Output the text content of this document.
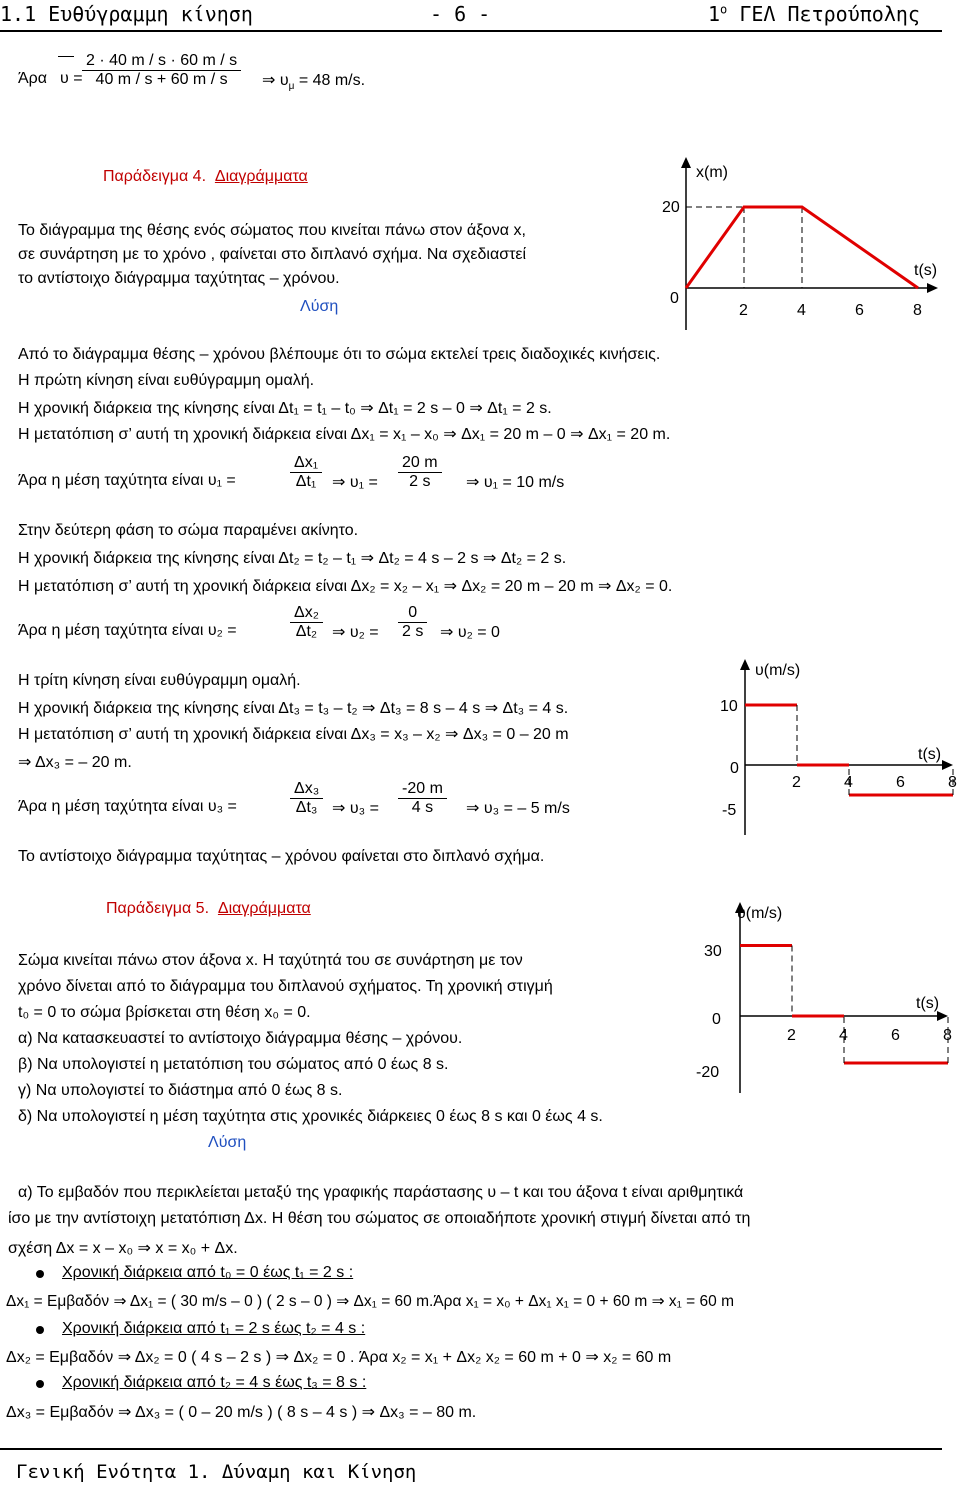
1.1 Ευθύγραμμη κίνηση	- 6 -	$1^o$ ΓΕΛ Πετρούπολης
Άρα $\upsilon = \frac{2 \cdot 40 m / s \cdot 60 m / s}{40 m / s + 60 m / s}$ ⇒ $\upsilon_\mu = 48$ m/s.
Παράδειγμα 4. Διαγράμματα
Το διάγραμμα της θέσης ενός σώματος που κινείται πάνω στον άξονα x,
σε συνάρτηση με το χρόνο , φαίνεται στο διπλανό σχήμα. Να σχεδιαστεί
το αντίστοιχο διάγραμμα ταχύτητας – χρόνου.
Λύση
x(m)
t(s)
20
0
2	4	6	8
Από το διάγραμμα θέσης – χρόνου βλέπουμε ότι το σώμα εκτελεί τρεις διαδοχικές κινήσεις.
Η πρώτη κίνηση είναι ευθύγραμμη ομαλή.
Η χρονική διάρκεια της κίνησης είναι Δt₁ = t₁ – t₀ ⇒ Δt₁ = 2 s – 0 ⇒ Δt₁ = 2 s.
Η μετατόπιση σ’ αυτή τη χρονική διάρκεια είναι Δx₁ = x₁ – x₀ ⇒ Δx₁ = 20 m – 0 ⇒ Δx₁ = 20 m.
Άρα η μέση ταχύτητα είναι υ₁ =	$\frac{\text{Δx₁}}{\text{Δt₁}}$ ⇒ $\upsilon_1 = \frac{20 m}{2 s}$ ⇒ υ₁ = 10 m/s
Στην δεύτερη φάση το σώμα παραμένει ακίνητο.
Η χρονική διάρκεια της κίνησης είναι Δt₂ = t₂ – t₁ ⇒ Δt₂ = 4 s – 2 s ⇒ Δt₂ = 2 s.
Η μετατόπιση σ’ αυτή τη χρονική διάρκεια είναι Δx₂ = x₂ – x₁ ⇒ Δx₂ = 20 m – 20 m ⇒ Δx₂ = 0.
Άρα η μέση ταχύτητα είναι υ₂ =	$\frac{\text{Δx₂}}{\text{Δt₂}}$ ⇒ $\upsilon_2 = \frac{0}{2 s}$ ⇒ υ₂ = 0
Η τρίτη κίνηση είναι ευθύγραμμη ομαλή.
Η χρονική διάρκεια της κίνησης είναι Δt₃ = t₃ – t₂ ⇒ Δt₃ = 8 s – 4 s ⇒ Δt₃ = 4 s.
Η μετατόπιση σ’ αυτή τη χρονική διάρκεια είναι Δx₃ = x₃ – x₂ ⇒ Δx₃ = 0 – 20 m
⇒ Δx₃ = – 20 m.
Άρα η μέση ταχύτητα είναι υ₃ =	$\frac{\text{Δx₃}}{\text{Δt₃}}$ ⇒ $\upsilon_3 = \frac{-20 m}{4 s}$ ⇒ υ₃ = – 5 m/s
Το αντίστοιχο διάγραμμα ταχύτητας – χρόνου φαίνεται στο διπλανό σχήμα.
υ(m/s)
t(s)
10
0
-5
2	4	6	8
Παράδειγμα 5. Διαγράμματα
Σώμα κινείται πάνω στον άξονα x. Η ταχύτητά του σε συνάρτηση με τον
χρόνο δίνεται από το διάγραμμα του διπλανού σχήματος. Τη χρονική στιγμή
t₀ = 0 το σώμα βρίσκεται στη θέση x₀ = 0.
α) Να κατασκευαστεί το αντίστοιχο διάγραμμα θέσης – χρόνου.
β) Να υπολογιστεί η μετατόπιση του σώματος από 0 έως 8 s.
γ) Να υπολογιστεί το διάστημα από 0 έως 8 s.
δ) Να υπολογιστεί η μέση ταχύτητα στις χρονικές διάρκειες 0 έως 8 s και 0 έως 4 s.
Λύση
υ(m/s)
t(s)
30
0
-20
2	4	6	8
α) Το εμβαδόν που περικλείεται μεταξύ της γραφικής παράστασης υ – t και του άξονα t είναι αριθμητικά
ίσο με την αντίστοιχη μετατόπιση Δx. Η θέση του σώματος σε οποιαδήποτε χρονική στιγμή δίνεται από τη
σχέση Δx = x – x₀ ⇒ x = x₀ + Δx.
Χρονική διάρκεια από t₀ = 0 έως t₁ = 2 s :
Δx₁ = Εμβαδόν ⇒ Δx₁ = ( 30 m/s – 0 ) ( 2 s – 0 ) ⇒ Δx₁ = 60 m.Άρα x₁ = x₀ + Δx₁ x₁ = 0 + 60 m ⇒ x₁ = 60 m
Χρονική διάρκεια από t₁ = 2 s έως t₂ = 4 s :
Δx₂ = Εμβαδόν ⇒ Δx₂ = 0 ( 4 s – 2 s ) ⇒ Δx₂ = 0 . Άρα x₂ = x₁ + Δx₂ x₂ = 60 m + 0 ⇒ x₂ = 60 m
Χρονική διάρκεια από t₂ = 4 s έως t₃ = 8 s :
Δx₃ = Εμβαδόν ⇒ Δx₃ = ( 0 – 20 m/s ) ( 8 s – 4 s ) ⇒ Δx₃ = – 80 m.
Γενική Ενότητα 1. Δύναμη και Κίνηση
